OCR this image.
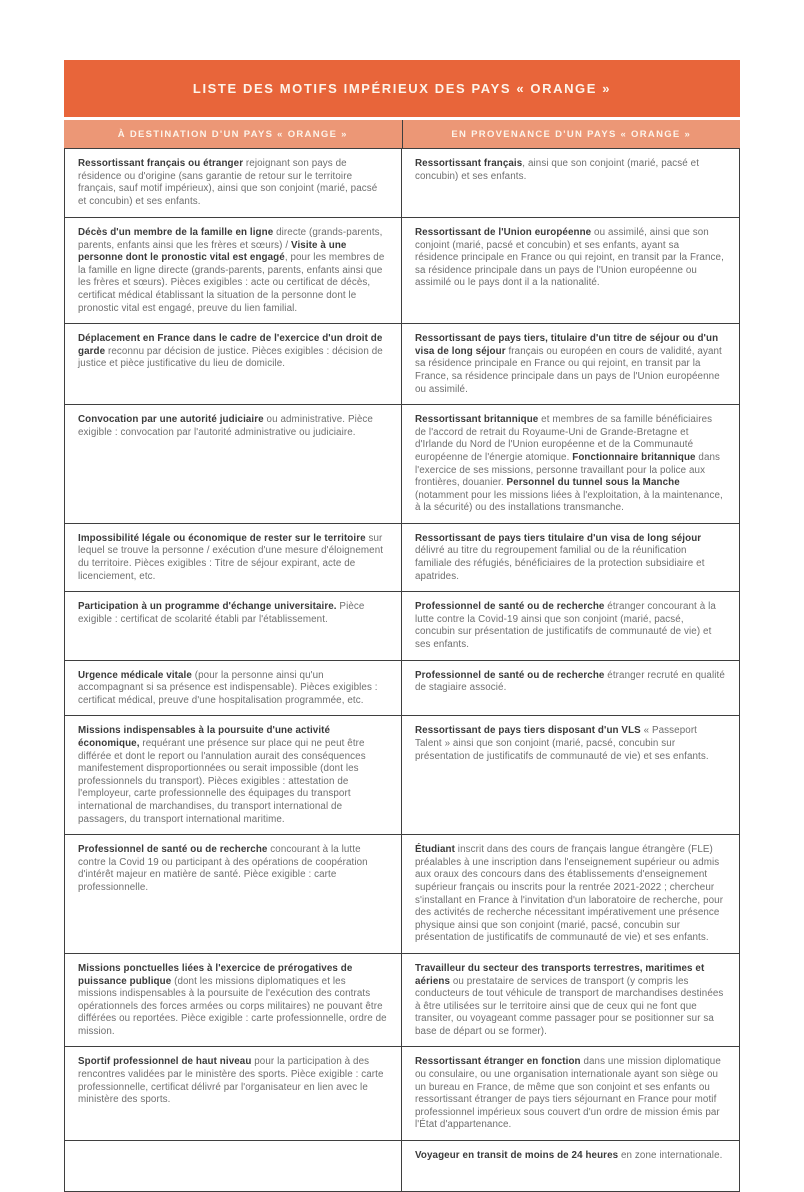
LISTE DES MOTIFS IMPÉRIEUX DES PAYS « ORANGE »
À DESTINATION D'UN PAYS « ORANGE »	EN PROVENANCE D'UN PAYS « ORANGE »

Ressortissant français ou étranger rejoignant son pays de résidence ou d'origine (sans garantie de retour sur le territoire français, sauf motif impérieux), ainsi que son conjoint (marié, pacsé et concubin) et ses enfants.

Ressortissant français, ainsi que son conjoint (marié, pacsé et concubin) et ses enfants.

Décès d'un membre de la famille en ligne directe (grands-parents, parents, enfants ainsi que les frères et sœurs) / Visite à une personne dont le pronostic vital est engagé, pour les membres de la famille en ligne directe (grands-parents, parents, enfants ainsi que les frères et sœurs). Pièces exigibles : acte ou certificat de décès, certificat médical établissant la situation de la personne dont le pronostic vital est engagé, preuve du lien familial.

Ressortissant de l'Union européenne ou assimilé, ainsi que son conjoint (marié, pacsé et concubin) et ses enfants, ayant sa résidence principale en France ou qui rejoint, en transit par la France, sa résidence principale dans un pays de l'Union européenne ou assimilé ou le pays dont il a la nationalité.

Déplacement en France dans le cadre de l'exercice d'un droit de garde reconnu par décision de justice. Pièces exigibles : décision de justice et pièce justificative du lieu de domicile.

Ressortissant de pays tiers, titulaire d'un titre de séjour ou d'un visa de long séjour français ou européen en cours de validité, ayant sa résidence principale en France ou qui rejoint, en transit par la France, sa résidence principale dans un pays de l'Union européenne ou assimilé.

Convocation par une autorité judiciaire ou administrative. Pièce exigible : convocation par l'autorité administrative ou judiciaire.

Ressortissant britannique et membres de sa famille bénéficiaires de l'accord de retrait du Royaume-Uni de Grande-Bretagne et d'Irlande du Nord de l'Union européenne et de la Communauté européenne de l'énergie atomique. Fonctionnaire britannique dans l'exercice de ses missions, personne travaillant pour la police aux frontières, douanier. Personnel du tunnel sous la Manche (notamment pour les missions liées à l'exploitation, à la maintenance, à la sécurité) ou des installations transmanche.

Impossibilité légale ou économique de rester sur le territoire sur lequel se trouve la personne / exécution d'une mesure d'éloignement du territoire. Pièces exigibles : Titre de séjour expirant, acte de licenciement, etc.

Ressortissant de pays tiers titulaire d'un visa de long séjour délivré au titre du regroupement familial ou de la réunification familiale des réfugiés, bénéficiaires de la protection subsidiaire et apatrides.

Participation à un programme d'échange universitaire. Pièce exigible : certificat de scolarité établi par l'établissement.

Professionnel de santé ou de recherche étranger concourant à la lutte contre la Covid-19 ainsi que son conjoint (marié, pacsé, concubin sur présentation de justificatifs de communauté de vie) et ses enfants.

Urgence médicale vitale (pour la personne ainsi qu'un accompagnant si sa présence est indispensable). Pièces exigibles : certificat médical, preuve d'une hospitalisation programmée, etc.

Professionnel de santé ou de recherche étranger recruté en qualité de stagiaire associé.

Missions indispensables à la poursuite d'une activité économique, requérant une présence sur place qui ne peut être différée et dont le report ou l'annulation aurait des conséquences manifestement disproportionnées ou serait impossible (dont les professionnels du transport). Pièces exigibles : attestation de l'employeur, carte professionnelle des équipages du transport international de marchandises, du transport international de passagers, du transport international maritime.

Ressortissant de pays tiers disposant d'un VLS « Passeport Talent » ainsi que son conjoint (marié, pacsé, concubin sur présentation de justificatifs de communauté de vie) et ses enfants.

Professionnel de santé ou de recherche concourant à la lutte contre la Covid 19 ou participant à des opérations de coopération d'intérêt majeur en matière de santé. Pièce exigible : carte professionnelle.

Étudiant inscrit dans des cours de français langue étrangère (FLE) préalables à une inscription dans l'enseignement supérieur ou admis aux oraux des concours dans des établissements d'enseignement supérieur français ou inscrits pour la rentrée 2021-2022 ; chercheur s'installant en France à l'invitation d'un laboratoire de recherche, pour des activités de recherche nécessitant impérativement une présence physique ainsi que son conjoint (marié, pacsé, concubin sur présentation de justificatifs de communauté de vie) et ses enfants.

Missions ponctuelles liées à l'exercice de prérogatives de puissance publique (dont les missions diplomatiques et les missions indispensables à la poursuite de l'exécution des contrats opérationnels des forces armées ou corps militaires) ne pouvant être différées ou reportées. Pièce exigible : carte professionnelle, ordre de mission.

Travailleur du secteur des transports terrestres, maritimes et aériens ou prestataire de services de transport (y compris les conducteurs de tout véhicule de transport de marchandises destinées à être utilisées sur le territoire ainsi que de ceux qui ne font que transiter, ou voyageant comme passager pour se positionner sur sa base de départ ou se former).

Sportif professionnel de haut niveau pour la participation à des rencontres validées par le ministère des sports. Pièce exigible : carte professionnelle, certificat délivré par l'organisateur en lien avec le ministère des sports.

Ressortissant étranger en fonction dans une mission diplomatique ou consulaire, ou une organisation internationale ayant son siège ou un bureau en France, de même que son conjoint et ses enfants ou ressortissant étranger de pays tiers séjournant en France pour motif professionnel impérieux sous couvert d'un ordre de mission émis par l'État d'appartenance.

Voyageur en transit de moins de 24 heures en zone internationale.
